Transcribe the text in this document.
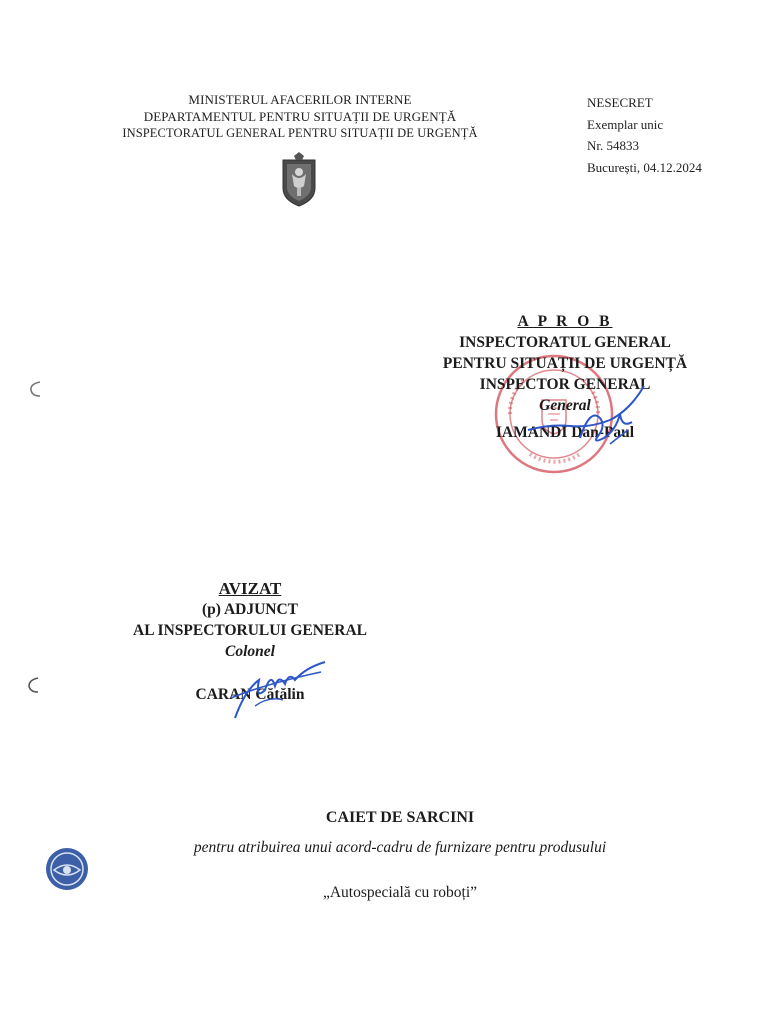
MINISTERUL AFACERILOR INTERNE
DEPARTAMENTUL PENTRU SITUAȚII DE URGENȚĂ
INSPECTORATUL GENERAL PENTRU SITUAȚII DE URGENȚĂ
NESECRET
Exemplar unic
Nr. 54833
București, 04.12.2024
A P R O B
INSPECTORATUL GENERAL
PENTRU SITUAȚII DE URGENȚĂ
INSPECTOR GENERAL
General
IAMANDI Dan-Paul
AVIZAT
(p) ADJUNCT
AL INSPECTORULUI GENERAL
Colonel
CARAN Cătălin
CAIET DE SARCINI
pentru atribuirea unui acord-cadru de furnizare pentru produsului
„Autospecială cu roboți”
